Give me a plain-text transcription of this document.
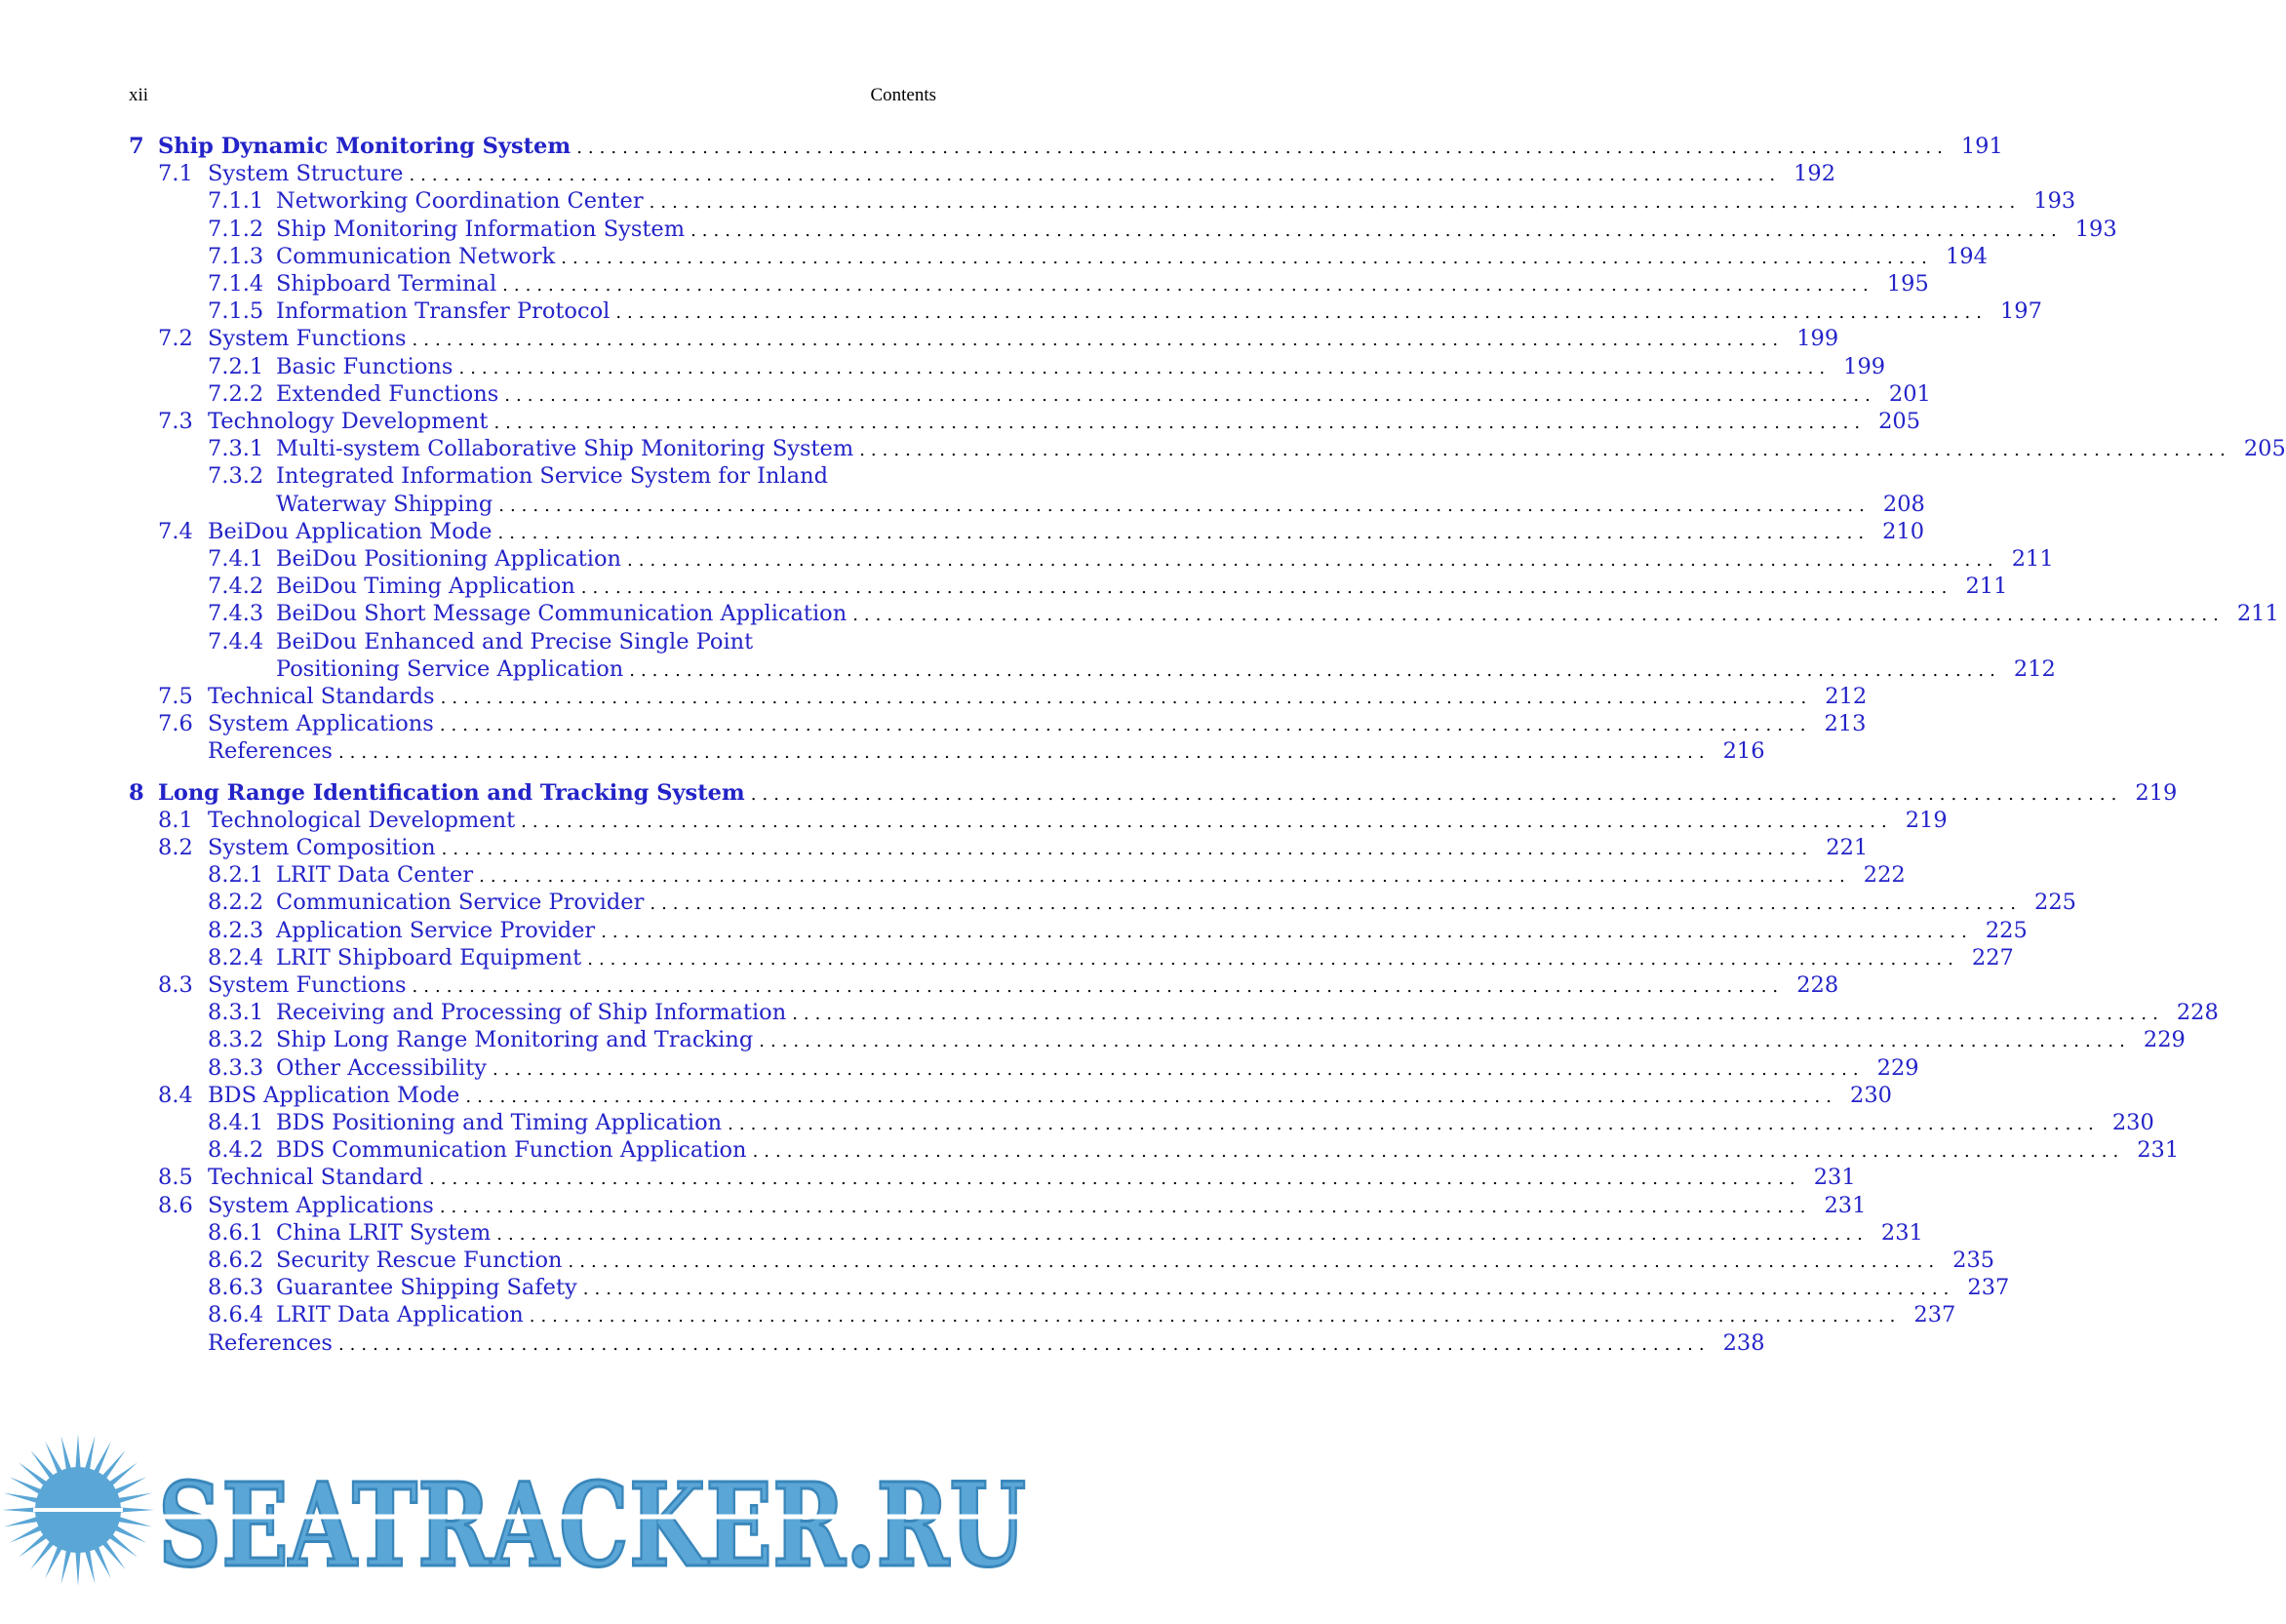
xii	Contents
7 Ship Dynamic Monitoring System ........................................................................................................................ 191
7.1 System Structure ........................................................................................................................ 192
7.1.1 Networking Coordination Center ........................................................................................................................ 193
7.1.2 Ship Monitoring Information System ........................................................................................................................ 193
7.1.3 Communication Network ........................................................................................................................ 194
7.1.4 Shipboard Terminal ........................................................................................................................ 195
7.1.5 Information Transfer Protocol ........................................................................................................................ 197
7.2 System Functions ........................................................................................................................ 199
7.2.1 Basic Functions ........................................................................................................................ 199
7.2.2 Extended Functions ........................................................................................................................ 201
7.3 Technology Development ........................................................................................................................ 205
7.3.1 Multi-system Collaborative Ship Monitoring System ........................................................................................................................ 205
7.3.2 Integrated Information Service System for Inland
Waterway Shipping ........................................................................................................................ 208
7.4 BeiDou Application Mode ........................................................................................................................ 210
7.4.1 BeiDou Positioning Application ........................................................................................................................ 211
7.4.2 BeiDou Timing Application ........................................................................................................................ 211
7.4.3 BeiDou Short Message Communication Application ........................................................................................................................ 211
7.4.4 BeiDou Enhanced and Precise Single Point
Positioning Service Application ........................................................................................................................ 212
7.5 Technical Standards ........................................................................................................................ 212
7.6 System Applications ........................................................................................................................ 213
References ........................................................................................................................ 216
8 Long Range Identification and Tracking System ........................................................................................................................ 219
8.1 Technological Development ........................................................................................................................ 219
8.2 System Composition ........................................................................................................................ 221
8.2.1 LRIT Data Center ........................................................................................................................ 222
8.2.2 Communication Service Provider ........................................................................................................................ 225
8.2.3 Application Service Provider ........................................................................................................................ 225
8.2.4 LRIT Shipboard Equipment ........................................................................................................................ 227
8.3 System Functions ........................................................................................................................ 228
8.3.1 Receiving and Processing of Ship Information ........................................................................................................................ 228
8.3.2 Ship Long Range Monitoring and Tracking ........................................................................................................................ 229
8.3.3 Other Accessibility ........................................................................................................................ 229
8.4 BDS Application Mode ........................................................................................................................ 230
8.4.1 BDS Positioning and Timing Application ........................................................................................................................ 230
8.4.2 BDS Communication Function Application ........................................................................................................................ 231
8.5 Technical Standard ........................................................................................................................ 231
8.6 System Applications ........................................................................................................................ 231
8.6.1 China LRIT System ........................................................................................................................ 231
8.6.2 Security Rescue Function ........................................................................................................................ 235
8.6.3 Guarantee Shipping Safety ........................................................................................................................ 237
8.6.4 LRIT Data Application ........................................................................................................................ 237
References ........................................................................................................................ 238
SEATRACKER.RU
